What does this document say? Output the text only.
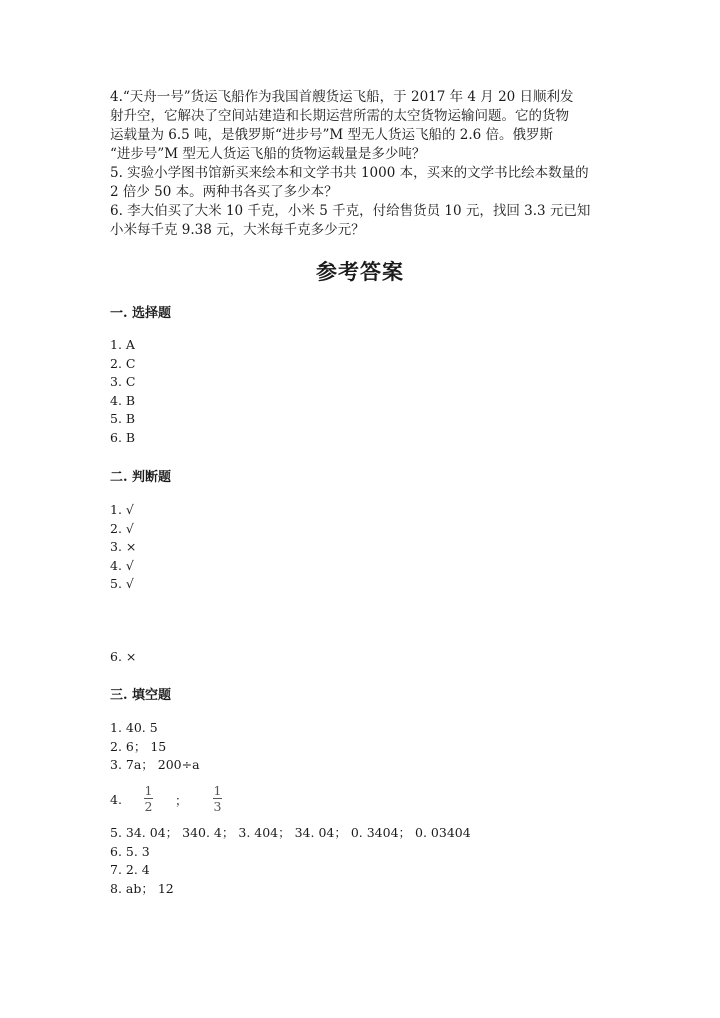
4.“天舟一号”货运飞船作为我国首艘货运飞船，于 2017 年 4 月 20 日顺利发
射升空，它解决了空间站建造和长期运营所需的太空货物运输问题。它的货物
运载量为 6.5 吨，是俄罗斯“进步号”M 型无人货运飞船的 2.6 倍。俄罗斯
“进步号”M 型无人货运飞船的货物运载量是多少吨？
5. 实验小学图书馆新买来绘本和文学书共 1000 本，买来的文学书比绘本数量的
2 倍少 50 本。两种书各买了多少本？
6. 李大伯买了大米 10 千克，小米 5 千克，付给售货员 10 元，找回 3.3 元已知
小米每千克 9.38 元，大米每千克多少元？
参考答案
一. 选择题
1. A
2. C
3. C
4. B
5. B
6. B
二. 判断题
1. √
2. √
3. ×
4. √
5. √
6. ×
三. 填空题
1. 40. 5
2. 6； 15
3. 7a； 200÷a
4.
1
2 ；
1
3
5. 34. 04； 340. 4； 3. 404； 34. 04； 0. 3404； 0. 03404
6. 5. 3
7. 2. 4
8. ab； 12
